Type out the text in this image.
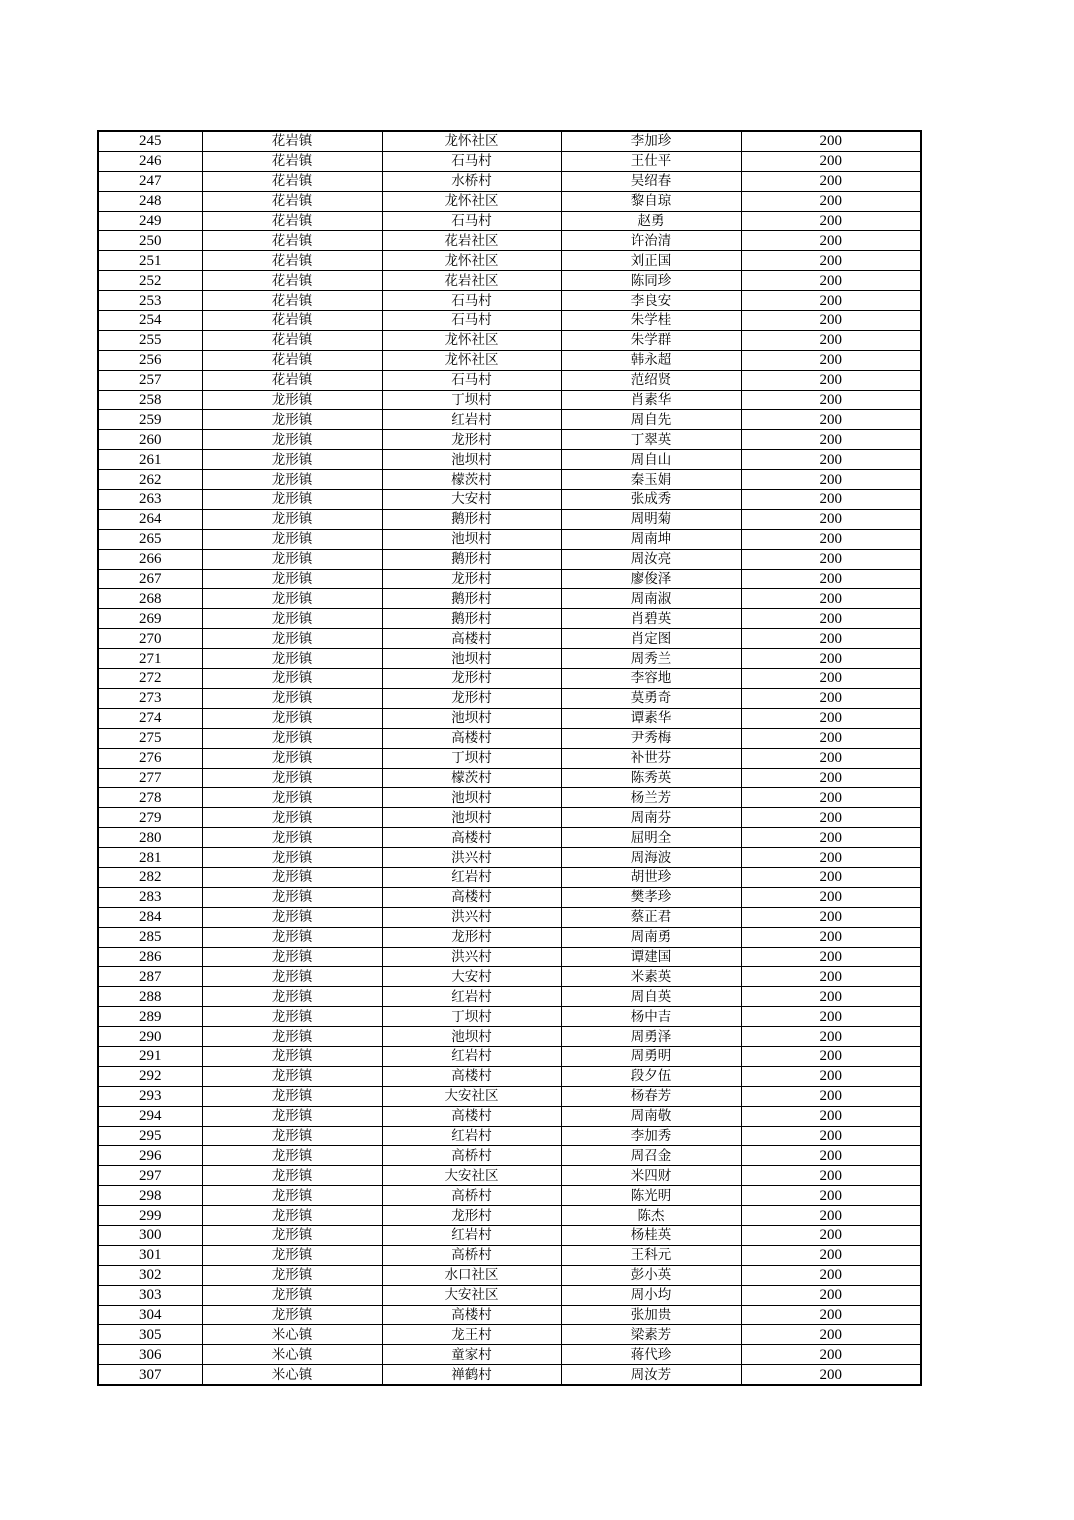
245	花岩镇	龙怀社区	李加珍	200
246	花岩镇	石马村	王仕平	200
247	花岩镇	水桥村	吴绍春	200
248	花岩镇	龙怀社区	黎自琼	200
249	花岩镇	石马村	赵勇	200
250	花岩镇	花岩社区	许治清	200
251	花岩镇	龙怀社区	刘正国	200
252	花岩镇	花岩社区	陈同珍	200
253	花岩镇	石马村	李良安	200
254	花岩镇	石马村	朱学桂	200
255	花岩镇	龙怀社区	朱学群	200
256	花岩镇	龙怀社区	韩永超	200
257	花岩镇	石马村	范绍贤	200
258	龙形镇	丁坝村	肖素华	200
259	龙形镇	红岩村	周自先	200
260	龙形镇	龙形村	丁翠英	200
261	龙形镇	池坝村	周自山	200
262	龙形镇	檬茨村	秦玉娟	200
263	龙形镇	大安村	张成秀	200
264	龙形镇	鹅形村	周明菊	200
265	龙形镇	池坝村	周南坤	200
266	龙形镇	鹅形村	周汝亮	200
267	龙形镇	龙形村	廖俊泽	200
268	龙形镇	鹅形村	周南淑	200
269	龙形镇	鹅形村	肖碧英	200
270	龙形镇	高楼村	肖定图	200
271	龙形镇	池坝村	周秀兰	200
272	龙形镇	龙形村	李容地	200
273	龙形镇	龙形村	莫勇奇	200
274	龙形镇	池坝村	谭素华	200
275	龙形镇	高楼村	尹秀梅	200
276	龙形镇	丁坝村	补世芬	200
277	龙形镇	檬茨村	陈秀英	200
278	龙形镇	池坝村	杨兰芳	200
279	龙形镇	池坝村	周南芬	200
280	龙形镇	高楼村	屈明全	200
281	龙形镇	洪兴村	周海波	200
282	龙形镇	红岩村	胡世珍	200
283	龙形镇	高楼村	樊孝珍	200
284	龙形镇	洪兴村	蔡正君	200
285	龙形镇	龙形村	周南勇	200
286	龙形镇	洪兴村	谭建国	200
287	龙形镇	大安村	米素英	200
288	龙形镇	红岩村	周自英	200
289	龙形镇	丁坝村	杨中吉	200
290	龙形镇	池坝村	周勇泽	200
291	龙形镇	红岩村	周勇明	200
292	龙形镇	高楼村	段夕伍	200
293	龙形镇	大安社区	杨春芳	200
294	龙形镇	高楼村	周南敬	200
295	龙形镇	红岩村	李加秀	200
296	龙形镇	高桥村	周召金	200
297	龙形镇	大安社区	米四财	200
298	龙形镇	高桥村	陈光明	200
299	龙形镇	龙形村	陈杰	200
300	龙形镇	红岩村	杨桂英	200
301	龙形镇	高桥村	王科元	200
302	龙形镇	水口社区	彭小英	200
303	龙形镇	大安社区	周小均	200
304	龙形镇	高楼村	张加贵	200
305	米心镇	龙王村	梁素芳	200
306	米心镇	童家村	蒋代珍	200
307	米心镇	禅鹤村	周汝芳	200
